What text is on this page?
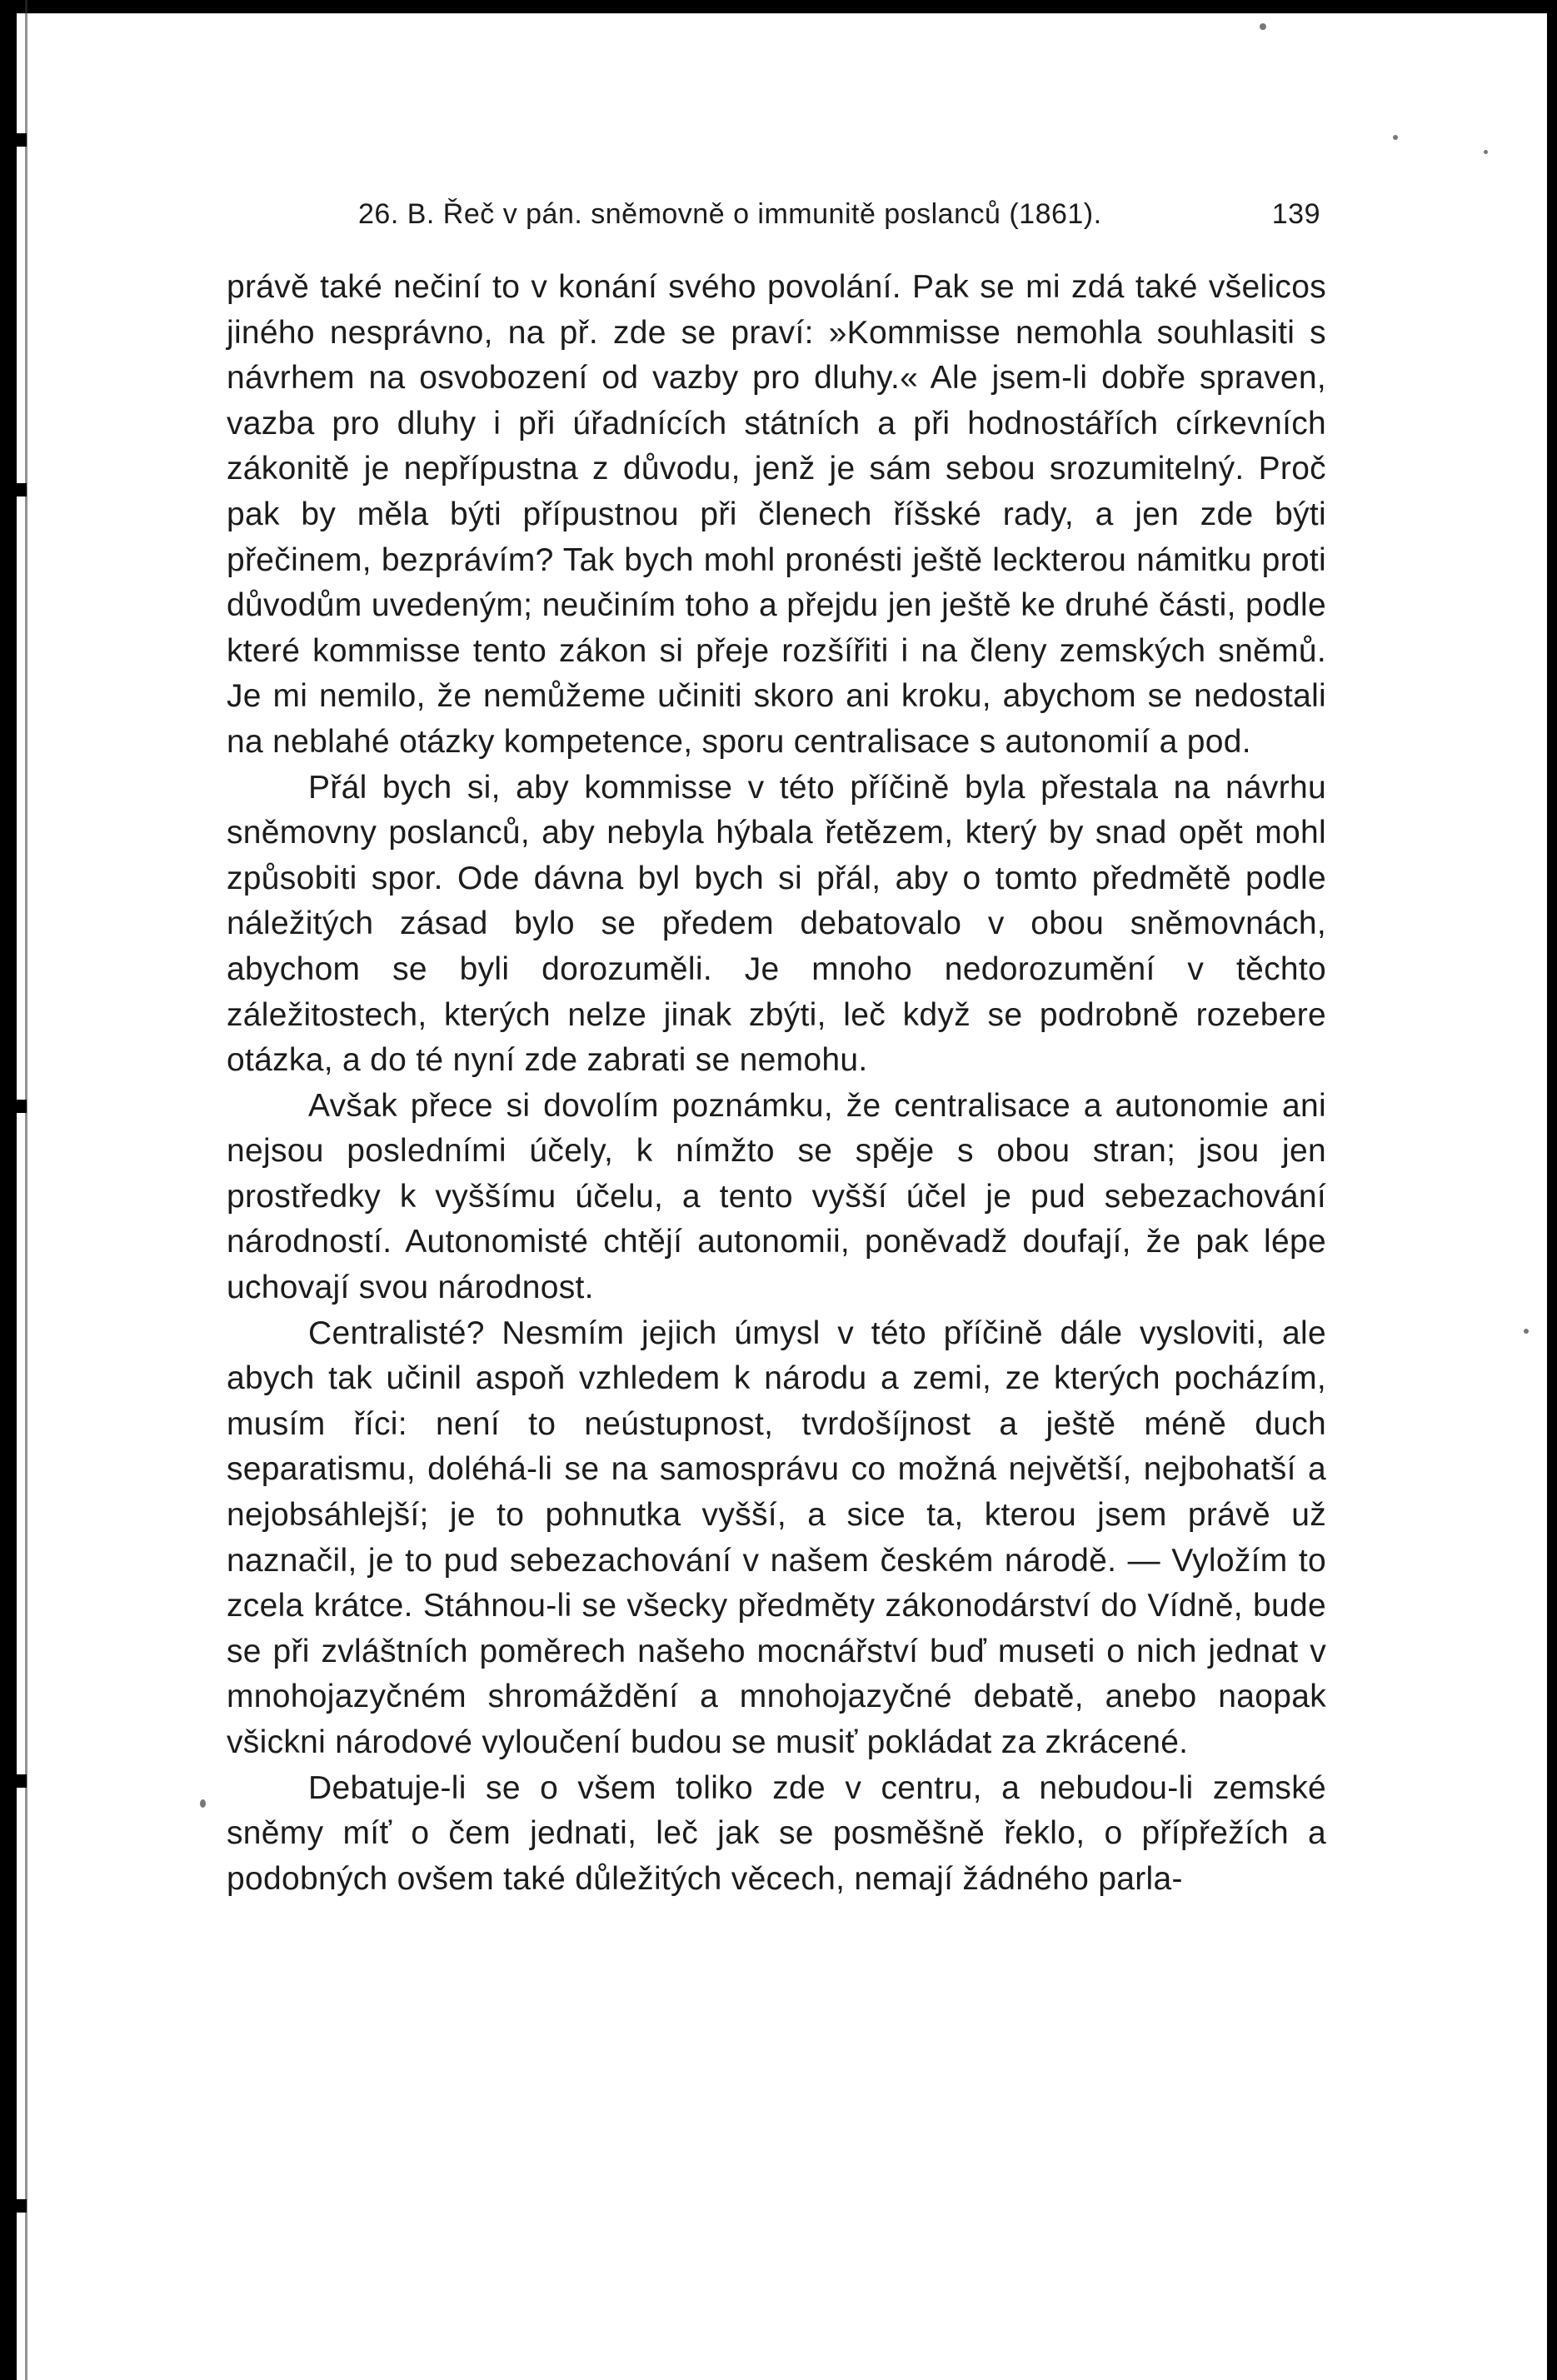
26. B. Řeč v pán. sněmovně o immunitě poslanců (1861).	139

právě také nečiní to v konání svého povolání. Pak se mi zdá také všelicos jiného nesprávno, na př. zde se praví: »Kommisse nemohla souhlasiti s návrhem na osvobození od vazby pro dluhy.« Ale jsem-li dobře spraven, vazba pro dluhy i při úřadnících státních a při hodnostářích církevních zákonitě je nepřípustna z důvodu, jenž je sám sebou srozumitelný. Proč pak by měla býti přípustnou při členech říšské rady, a jen zde býti přečinem, bezprávím? Tak bych mohl pronésti ještě leckterou námitku proti důvodům uvedeným; neučiním toho a přejdu jen ještě ke druhé části, podle které kommisse tento zákon si přeje rozšířiti i na členy zemských sněmů. Je mi nemilo, že nemůžeme učiniti skoro ani kroku, abychom se nedostali na neblahé otázky kompetence, sporu centralisace s autonomií a pod.

Přál bych si, aby kommisse v této příčině byla přestala na návrhu sněmovny poslanců, aby nebyla hýbala řetězem, který by snad opět mohl způsobiti spor. Ode dávna byl bych si přál, aby o tomto předmětě podle náležitých zásad bylo se předem debatovalo v obou sněmovnách, abychom se byli dorozuměli. Je mnoho nedorozumění v těchto záležitostech, kterých nelze jinak zbýti, leč když se podrobně rozebere otázka, a do té nyní zde zabrati se nemohu.

Avšak přece si dovolím poznámku, že centralisace a autonomie ani nejsou posledními účely, k nímžto se spěje s obou stran; jsou jen prostředky k vyššímu účelu, a tento vyšší účel je pud sebezachování národností. Autonomisté chtějí autonomii, poněvadž doufají, že pak lépe uchovají svou národnost.

Centralisté? Nesmím jejich úmysl v této příčině dále vysloviti, ale abych tak učinil aspoň vzhledem k národu a zemi, ze kterých pocházím, musím říci: není to neústupnost, tvrdošíjnost a ještě méně duch separatismu, doléhá-li se na samosprávu co možná největší, nejbohatší a nejobsáhlejší; je to pohnutka vyšší, a sice ta, kterou jsem právě už naznačil, je to pud sebezachování v našem českém národě. — Vyložím to zcela krátce. Stáhnou-li se všecky předměty zákonodárství do Vídně, bude se při zvláštních poměrech našeho mocnářství buď museti o nich jednat v mnohojazyčném shromáždění a mnohojazyčné debatě, anebo naopak všickni národové vyloučení budou se musiť pokládat za zkrácené.

Debatuje-li se o všem toliko zde v centru, a nebudou-li zemské sněmy míť o čem jednati, leč jak se posměšně řeklo, o přípřežích a podobných ovšem také důležitých věcech, nemají žádného parla-
